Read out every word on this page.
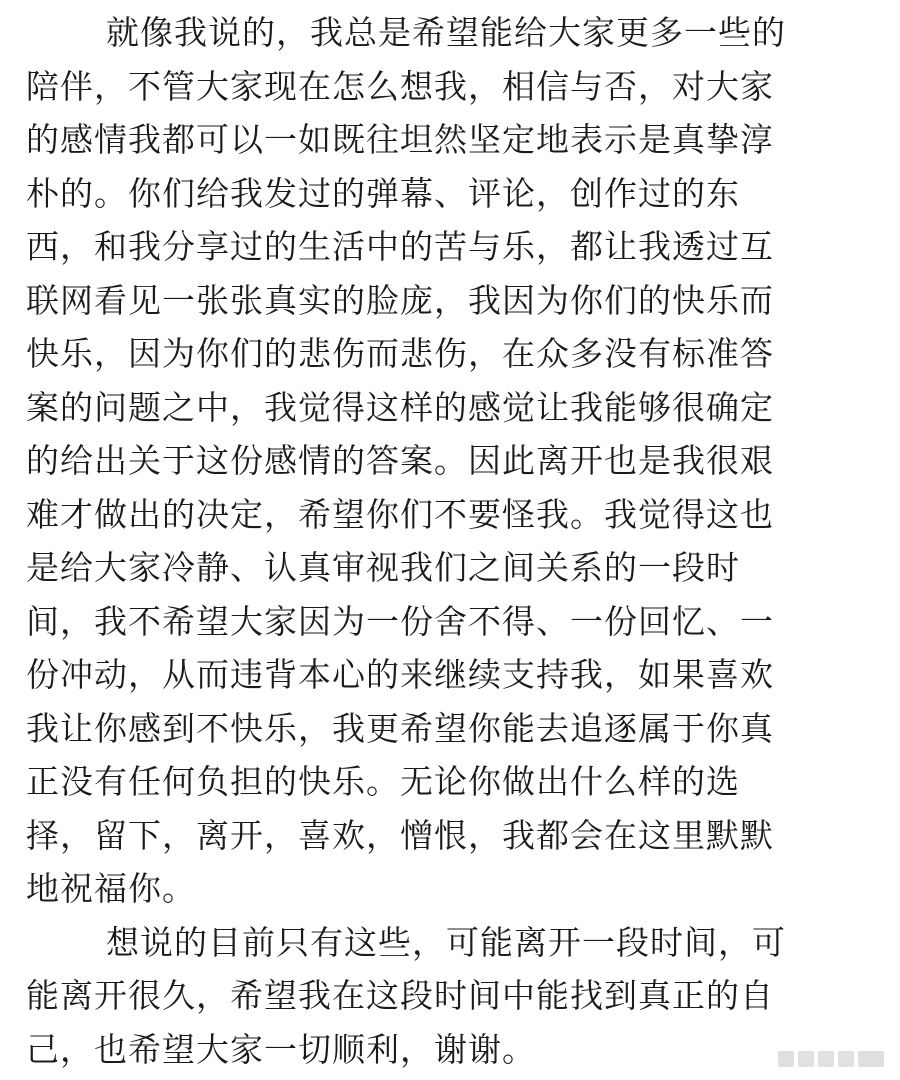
就像我说的，我总是希望能给大家更多一些的
陪伴，不管大家现在怎么想我，相信与否，对大家
的感情我都可以一如既往坦然坚定地表示是真挚淳
朴的。你们给我发过的弹幕、评论，创作过的东
西，和我分享过的生活中的苦与乐，都让我透过互
联网看见一张张真实的脸庞，我因为你们的快乐而
快乐，因为你们的悲伤而悲伤，在众多没有标准答
案的问题之中，我觉得这样的感觉让我能够很确定
的给出关于这份感情的答案。因此离开也是我很艰
难才做出的决定，希望你们不要怪我。我觉得这也
是给大家冷静、认真审视我们之间关系的一段时
间，我不希望大家因为一份舍不得、一份回忆、一
份冲动，从而违背本心的来继续支持我，如果喜欢
我让你感到不快乐，我更希望你能去追逐属于你真
正没有任何负担的快乐。无论你做出什么样的选
择，留下，离开，喜欢，憎恨，我都会在这里默默
地祝福你。
想说的目前只有这些，可能离开一段时间，可
能离开很久，希望我在这段时间中能找到真正的自
己，也希望大家一切顺利，谢谢。
